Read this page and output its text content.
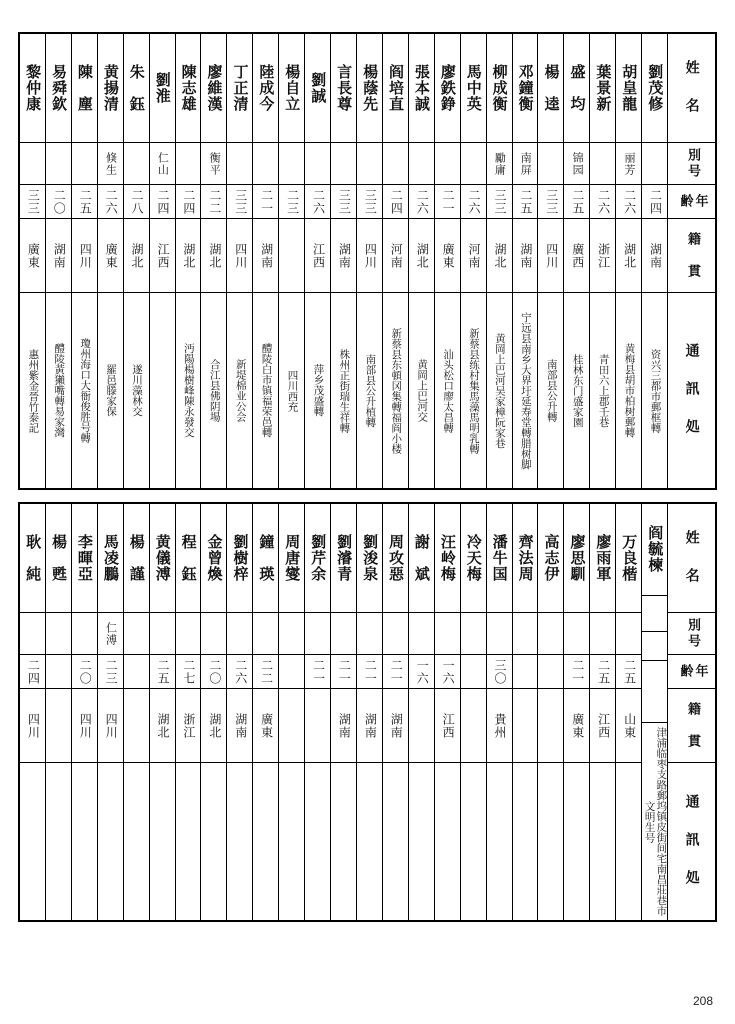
黎仲康
三三
廣東
惠州紫金晉竹泰記
易舜欽
二〇
湖南
醴陵黃獺嘴轉易家灣
陳　塵
二五
四川
瓊州海口大衙俊胜号轉
黄揚清
倏生
二六
廣東
羅邑滕家保
朱　鈺
二八
湖北
遂川藻林交
劉淮
仁山
二四
江西
陳志雄
二四
湖北
沔陽楊樹峰陳永發交
廖維漢
衡平
二二
湖北
合江县佛阴場
丁正清
三三
四川
新堤棉业公会
陸成今
二一
湖南
醴陵白市镇福荣邑轉
楊自立
二三
四川西充
劉誠
二六
江西
萍乡茂盛轉
言長尊
三三
湖南
株州正街瑞生祥轉
楊蔭先
三三
四川
南部县公升植轉
阎培直
二四
河南
新蔡县东頓冈集轉福阎小楼
張本誠
二六
湖北
黄岡上巴河交
廖鉄錚
二一
廣東
汕头松口廖太昌轉
馬中英
二六
河南
新蔡县练村集馬藻馬明乳轉
柳成衡
勵庸
三三
湖北
黄岡上巴河吴家樟阮家巷
邓鐘衡
南屏
二五
湖南
宁远县南乡大界圩延寿堂轉腊树脚
楊　逵
三三
四川
南部县公升轉
盛　均
锦园
二五
廣西
桂林东门盛家園
葉景新
二六
浙江
青田六上郡壬巷
胡皇龍
丽芳
二六
湖北
黄梅县胡市柏树郵轉
劉茂修
二四
湖南
资兴三都市郵框轉
姓　名
別号
年齢
籍　貫
通　訊　処
耿　純
二四
四川
楊　甦 李暉亞
二〇
四川
馬凌鵬
仁溥
二三
四川
楊　謹 黄儀溥
二五
湖北
程　鈺
二七
浙江
金曾煥
二〇
湖北
劉樹梓
二六
湖南
鐘　瑛
二二
廣東
周唐燮 劉芹余
二一
劉濬青
二一
湖南
劉浚泉
二一
湖南
周攻惡
二一
湖南
謝　斌
一六
汪岭梅
一六
江西
冷天梅 潘牛国
三〇
貴州
齊法周 高志伊 廖思馴
二一
廣東
廖雨軍
二五
江西
万良楷
二五
山東
阎毓楝
津浦临枣支路郵坞镇皮街间宅南昌莊巷市文明生号
姓　名
別号
年齢
籍　貫
通　訊　処
208
